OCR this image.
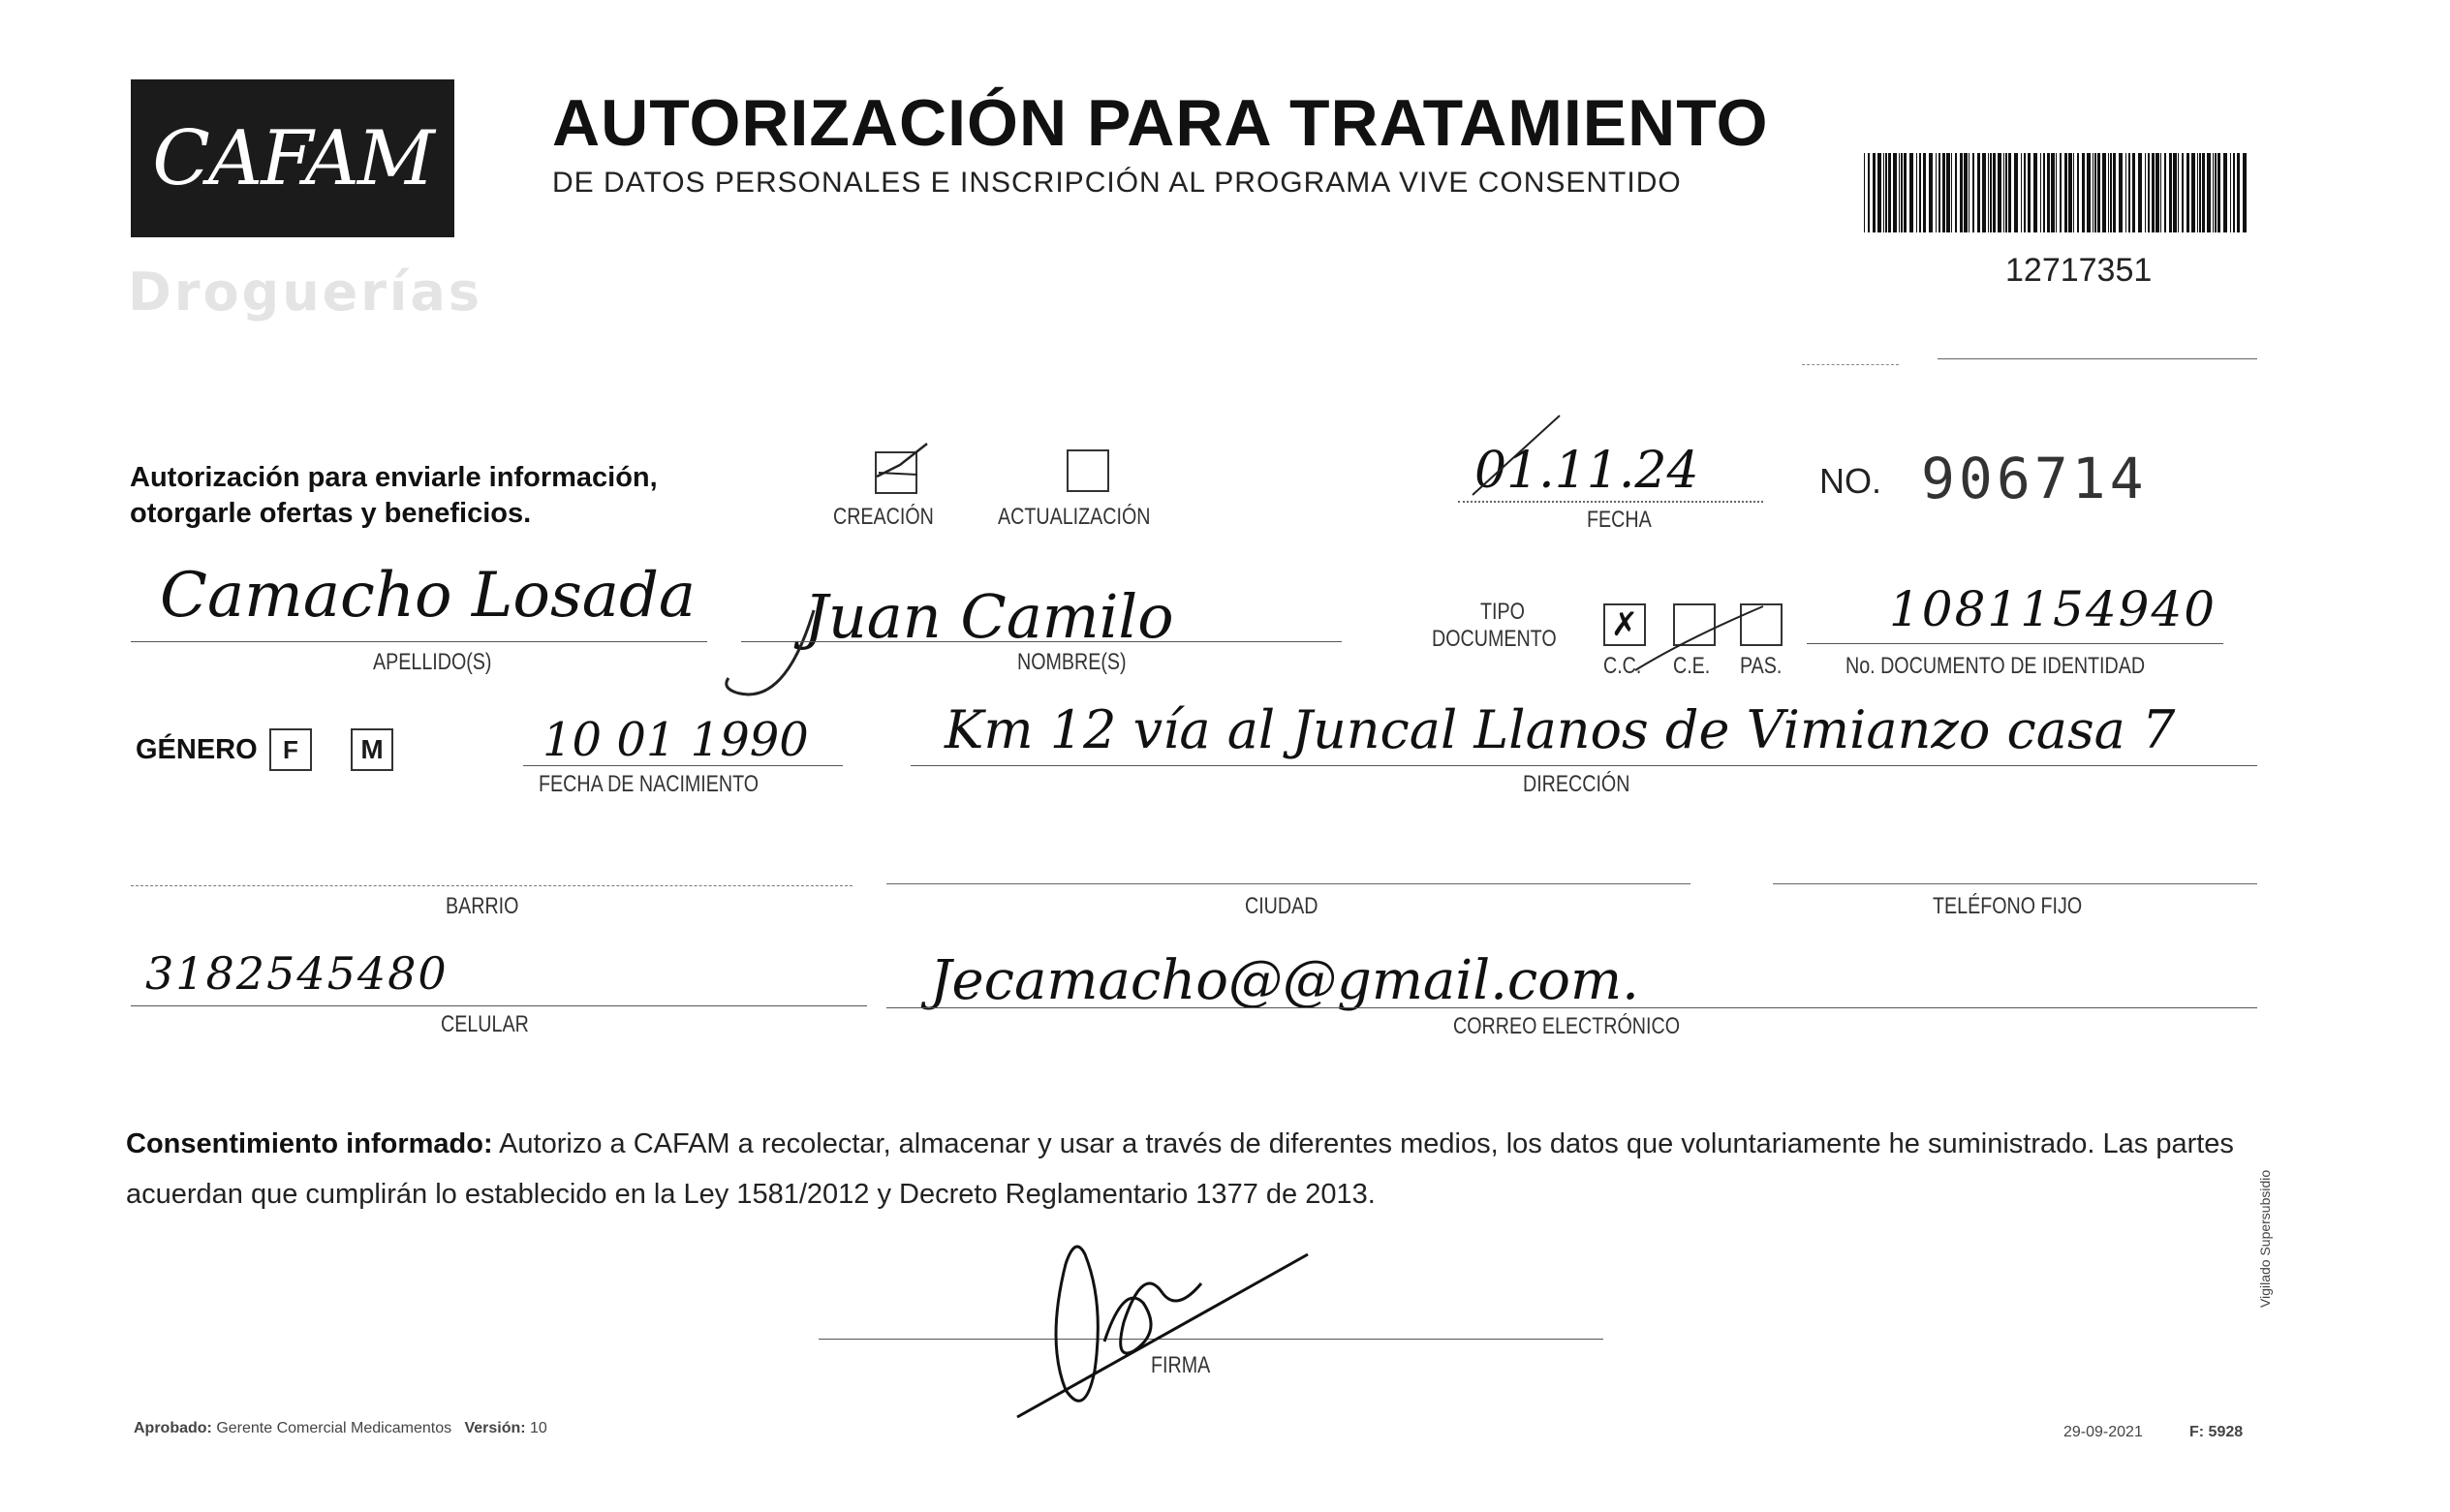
CAFAM
Droguerías
AUTORIZACIÓN PARA TRATAMIENTO
DE DATOS PERSONALES E INSCRIPCIÓN AL PROGRAMA VIVE CONSENTIDO
12717351
Autorización para enviarle información,
otorgarle ofertas y beneficios.	CREACIÓN	ACTUALIZACIÓN
01.11.24
FECHA
NO. 906714
Camacho Losada
APELLIDO(S)
Juan Camilo
NOMBRE(S)
TIPO
DOCUMENTO	✗
C.C.	C.E.	PAS.
1081154940
No. DOCUMENTO DE IDENTIDAD
GÉNERO	F	M	10 01 1990
FECHA DE NACIMIENTO
Km 12 vía al Juncal Llanos de Vimianzo casa 7
DIRECCIÓN
BARRIO	CIUDAD	TELÉFONO FIJO
3182545480
CELULAR
Jecamacho@@gmail.com.
CORREO ELECTRÓNICO
Consentimiento informado: Autorizo a CAFAM a recolectar, almacenar y usar a través de diferentes medios, los datos que voluntariamente he suministrado. Las partes acuerdan que cumplirán lo establecido en la Ley 1581/2012 y Decreto Reglamentario 1377 de 2013.
FIRMA
Aprobado: Gerente Comercial Medicamentos Versión: 10	29-09-2021	F: 5928
Vigilado Supersubsidio
